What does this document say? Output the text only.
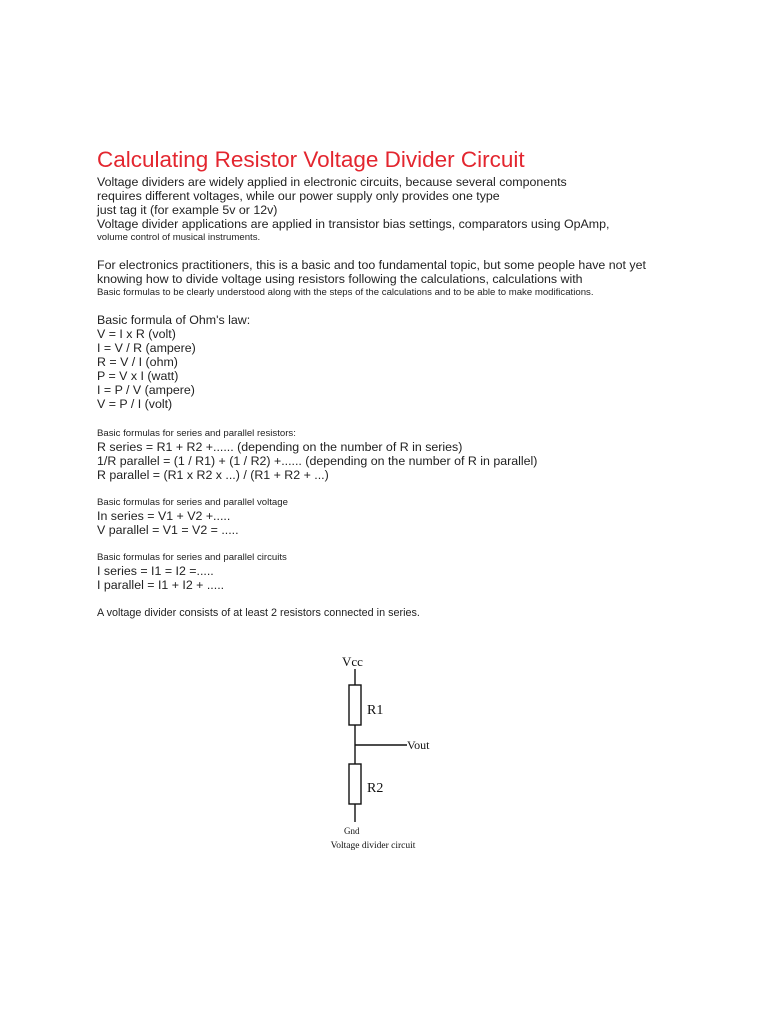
Calculating Resistor Voltage Divider Circuit
Voltage dividers are widely applied in electronic circuits, because several components
requires different voltages, while our power supply only provides one type
just tag it (for example 5v or 12v)
Voltage divider applications are applied in transistor bias settings, comparators using OpAmp,
volume control of musical instruments.
For electronics practitioners, this is a basic and too fundamental topic, but some people have not yet
knowing how to divide voltage using resistors following the calculations, calculations with
Basic formulas to be clearly understood along with the steps of the calculations and to be able to make modifications.
Basic formula of Ohm's law:
V = I x R (volt)
I = V / R (ampere)
R = V / I (ohm)
P = V x I (watt)
I = P / V (ampere)
V = P / I (volt)
Basic formulas for series and parallel resistors:
R series = R1 + R2 +...... (depending on the number of R in series)
1/R parallel = (1 / R1) + (1 / R2) +...... (depending on the number of R in parallel)
R parallel = (R1 x R2 x ...) / (R1 + R2 + ...)
Basic formulas for series and parallel voltage
In series = V1 + V2 +.....
V parallel = V1 = V2 = .....
Basic formulas for series and parallel circuits
I series = I1 = I2 =.....
I parallel = I1 + I2 + .....
A voltage divider consists of at least 2 resistors connected in series.
Vcc
R1
Vout
R2
Gnd
Voltage divider circuit
